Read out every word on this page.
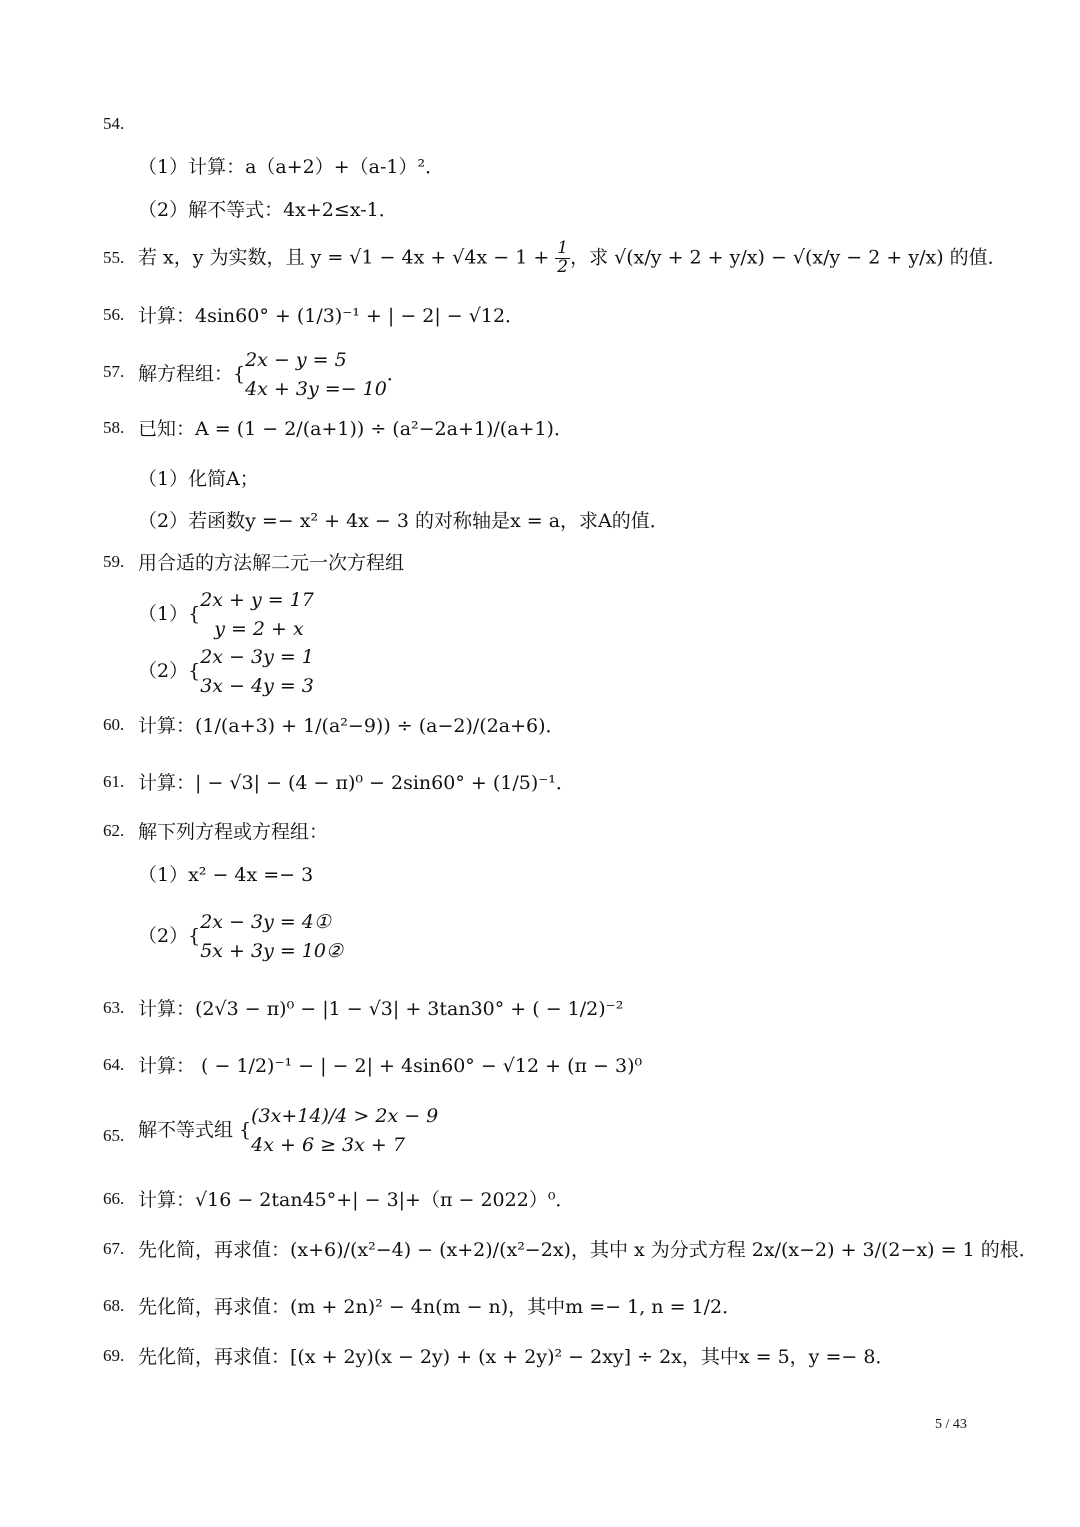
54.
（1）计算：a（a+2）+（a-1）²．
（2）解不等式：4x+2≤x-1．
55. 若 x，y 为实数，且 $y = √1 - 4x + √4x - 1 + \frac{1}{2}$ ，求 √(x/y + 2 + y/x) − √(x/y − 2 + y/x) 的值．
56. 计算：4sin60° + (1/3)⁻¹ + | − 2| − √12．
57. 解方程组：{
2x − y = 5
4x + 3y =− 10
．
58. 已知：A = (1 − 2/(a+1)) ÷ (a²−2a+1)/(a+1)．
（1）化简A；
（2）若函数y =− x² + 4x − 3 的对称轴是x = a，求A的值．
59. 用合适的方法解二元一次方程组
（1）{
2x + y = 17
y = 2 + x
（2）{
2x − 3y = 1
3x − 4y = 3
60. 计算：(1/(a+3) + 1/(a²−9)) ÷ (a−2)/(2a+6)．
61. 计算：| − √3| − (4 − π)⁰ − 2sin60° + (1/5)⁻¹．
62. 解下列方程或方程组：
（1）x² − 4x =− 3
（2）{
2x − 3y = 4①
5x + 3y = 10②
63. 计算：(2√3 − π)⁰ − |1 − √3| + 3tan30° + ( − 1/2)⁻²
64. 计算： ( − 1/2)⁻¹ − | − 2| + 4sin60° − √12 + (π − 3)⁰
65. 解不等式组 {
(3x+14)/4 > 2x − 9
4x + 6 ≥ 3x + 7
66. 计算：√16 − 2tan45°+| − 3|+（π − 2022）⁰．
67. 先化简，再求值：(x+6)/(x²−4) − (x+2)/(x²−2x)，其中 x 为分式方程 2x/(x−2) + 3/(2−x) = 1 的根．
68. 先化简，再求值：(m + 2n)² − 4n(m − n)，其中m =− 1, n = 1/2．
69. 先化简，再求值：[(x + 2y)(x − 2y) + (x + 2y)² − 2xy] ÷ 2x，其中x = 5，y =− 8．
5 / 43
